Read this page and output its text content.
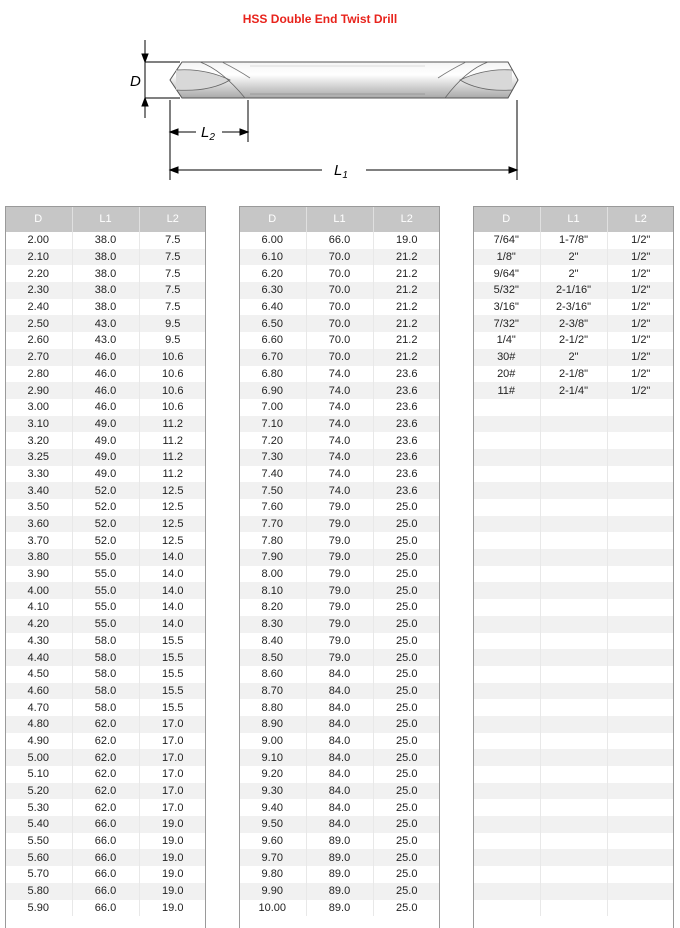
HSS Double End Twist Drill
D
$L_2$
$L_1$
D	L1	L2
2.00	38.0	7.5
2.10	38.0	7.5
2.20	38.0	7.5
2.30	38.0	7.5
2.40	38.0	7.5
2.50	43.0	9.5
2.60	43.0	9.5
2.70	46.0	10.6
2.80	46.0	10.6
2.90	46.0	10.6
3.00	46.0	10.6
3.10	49.0	11.2
3.20	49.0	11.2
3.25	49.0	11.2
3.30	49.0	11.2
3.40	52.0	12.5
3.50	52.0	12.5
3.60	52.0	12.5
3.70	52.0	12.5
3.80	55.0	14.0
3.90	55.0	14.0
4.00	55.0	14.0
4.10	55.0	14.0
4.20	55.0	14.0
4.30	58.0	15.5
4.40	58.0	15.5
4.50	58.0	15.5
4.60	58.0	15.5
4.70	58.0	15.5
4.80	62.0	17.0
4.90	62.0	17.0
5.00	62.0	17.0
5.10	62.0	17.0
5.20	62.0	17.0
5.30	62.0	17.0
5.40	66.0	19.0
5.50	66.0	19.0
5.60	66.0	19.0
5.70	66.0	19.0
5.80	66.0	19.0
5.90	66.0	19.0
D	L1	L2
6.00	66.0	19.0
6.10	70.0	21.2
6.20	70.0	21.2
6.30	70.0	21.2
6.40	70.0	21.2
6.50	70.0	21.2
6.60	70.0	21.2
6.70	70.0	21.2
6.80	74.0	23.6
6.90	74.0	23.6
7.00	74.0	23.6
7.10	74.0	23.6
7.20	74.0	23.6
7.30	74.0	23.6
7.40	74.0	23.6
7.50	74.0	23.6
7.60	79.0	25.0
7.70	79.0	25.0
7.80	79.0	25.0
7.90	79.0	25.0
8.00	79.0	25.0
8.10	79.0	25.0
8.20	79.0	25.0
8.30	79.0	25.0
8.40	79.0	25.0
8.50	79.0	25.0
8.60	84.0	25.0
8.70	84.0	25.0
8.80	84.0	25.0
8.90	84.0	25.0
9.00	84.0	25.0
9.10	84.0	25.0
9.20	84.0	25.0
9.30	84.0	25.0
9.40	84.0	25.0
9.50	84.0	25.0
9.60	89.0	25.0
9.70	89.0	25.0
9.80	89.0	25.0
9.90	89.0	25.0
10.00	89.0	25.0
D	L1	L2
7/64"	1-7/8"	1/2"
1/8"	2"	1/2"
9/64"	2"	1/2"
5/32"	2-1/16"	1/2"
3/16"	2-3/16"	1/2"
7/32"	2-3/8"	1/2"
1/4"	2-1/2"	1/2"
30#	2"	1/2"
20#	2-1/8"	1/2"
11#	2-1/4"	1/2"
